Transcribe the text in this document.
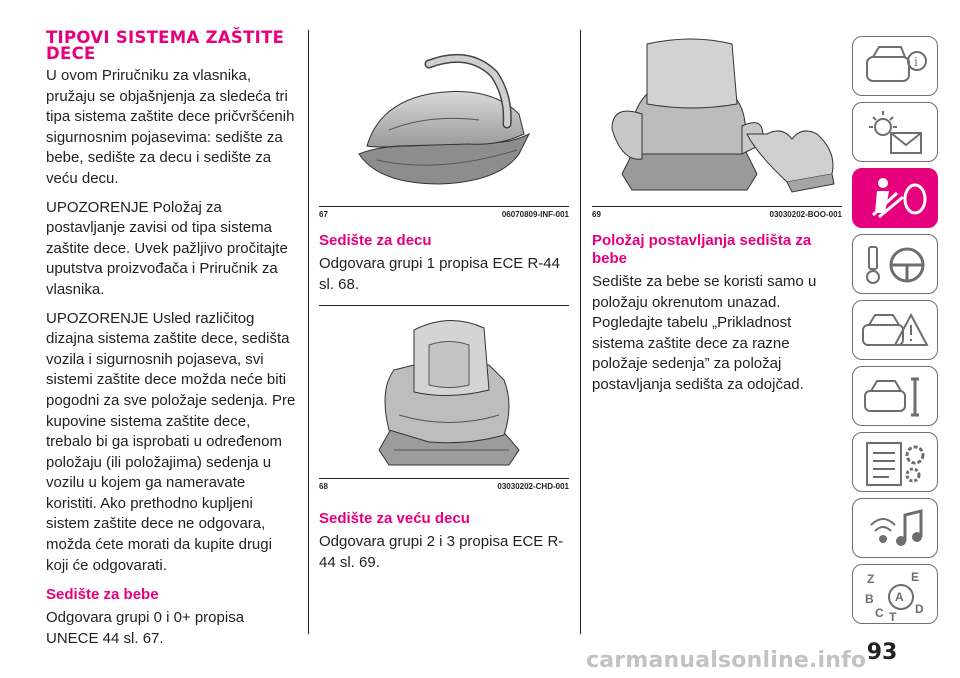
TIPOVI SISTEMA ZAŠTITE DECE

U ovom Priručniku za vlasnika, pružaju se objašnjenja za sledeća tri tipa sistema zaštite dece pričvršćenih sigurnosnim pojasevima: sedište za bebe, sedište za decu i sedište za veću decu.

UPOZORENJE Položaj za postavljanje zavisi od tipa sistema zaštite dece. Uvek pažljivo pročitajte uputstva proizvođača i Priručnik za vlasnika.

UPOZORENJE Usled različitog dizajna sistema zaštite dece, sedišta vozila i sigurnosnih pojaseva, svi sistemi zaštite dece možda neće biti pogodni za sve položaje sedenja. Pre kupovine sistema zaštite dece, trebalo bi ga isprobati u određenom položaju (ili položajima) sedenja u vozilu u kojem ga nameravate koristiti. Ako prethodno kupljeni sistem zaštite dece ne odgovara, možda ćete morati da kupite drugi koji će odgovarati.

Sedište za bebe

Odgovara grupi 0 i 0+ propisa UNECE 44 sl. 67.

67	06070809-INF-001
Sedište za decu

Odgovara grupi 1 propisa ECE R-44 sl. 68.

68	03030202-CHD-001
Sedište za veću decu

Odgovara grupi 2 i 3 propisa ECE R-44 sl. 69.

69	03030202-BOO-001
Položaj postavljanja sedišta za bebe

Sedište za bebe se koristi samo u položaju okrenutom unazad. Pogledajte tabelu „Prikladnost sistema zaštite dece za razne položaje sedenja” za položaj postavljanja sedišta za odojčad.

i
Z	E
A
B
C T
D
93
carmanualsonline.info
